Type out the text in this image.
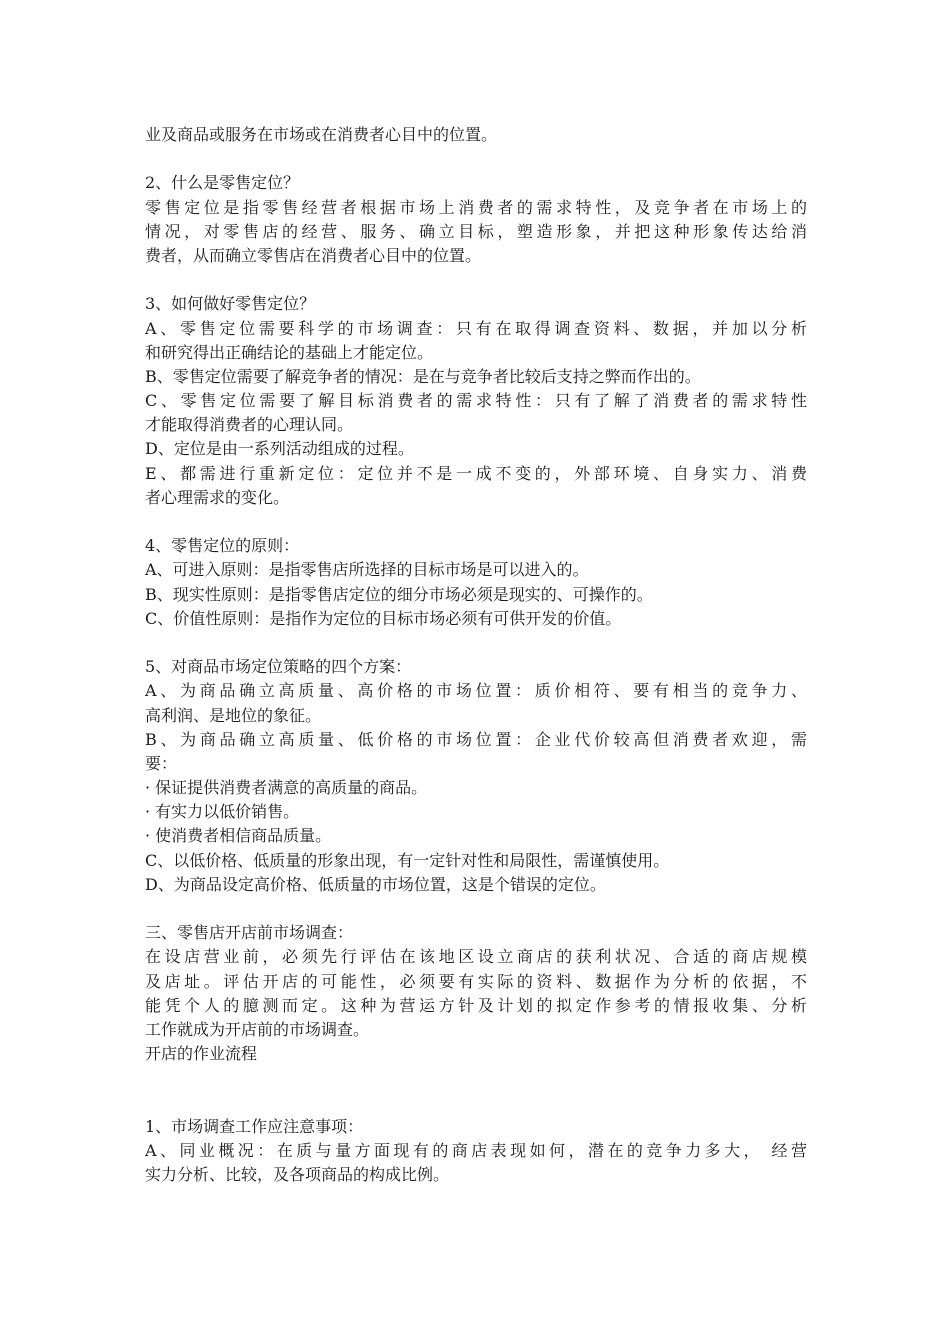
业及商品或服务在市场或在消费者心目中的位置。
2、什么是零售定位？
零售定位是指零售经营者根据市场上消费者的需求特性，及竞争者在市场上的
情况，对零售店的经营、服务、确立目标，塑造形象，并把这种形象传达给消
费者，从而确立零售店在消费者心目中的位置。
3、如何做好零售定位？
A、零售定位需要科学的市场调查：只有在取得调查资料、数据，并加以分析
和研究得出正确结论的基础上才能定位。
B、零售定位需要了解竞争者的情况：是在与竞争者比较后支持之弊而作出的。
C、零售定位需要了解目标消费者的需求特性：只有了解了消费者的需求特性
才能取得消费者的心理认同。
D、定位是由一系列活动组成的过程。
E、都需进行重新定位：定位并不是一成不变的，外部环境、自身实力、消费
者心理需求的变化。
4、零售定位的原则：
A、可进入原则：是指零售店所选择的目标市场是可以进入的。
B、现实性原则：是指零售店定位的细分市场必须是现实的、可操作的。
C、价值性原则：是指作为定位的目标市场必须有可供开发的价值。
5、对商品市场定位策略的四个方案：
A、为商品确立高质量、高价格的市场位置：质价相符、要有相当的竞争力、
高利润、是地位的象征。
B、为商品确立高质量、低价格的市场位置：企业代价较高但消费者欢迎，需
要：
· 保证提供消费者满意的高质量的商品。
· 有实力以低价销售。
· 使消费者相信商品质量。
C、以低价格、低质量的形象出现，有一定针对性和局限性，需谨慎使用。
D、为商品设定高价格、低质量的市场位置，这是个错误的定位。
三、零售店开店前市场调查：
在设店营业前，必须先行评估在该地区设立商店的获利状况、合适的商店规模
及店址。评估开店的可能性，必须要有实际的资料、数据作为分析的依据，不
能凭个人的臆测而定。这种为营运方针及计划的拟定作参考的情报收集、分析
工作就成为开店前的市场调查。
开店的作业流程
1、市场调查工作应注意事项：
A、同业概况：在质与量方面现有的商店表现如何，潜在的竞争力多大， 经营
实力分析、比较，及各项商品的构成比例。
